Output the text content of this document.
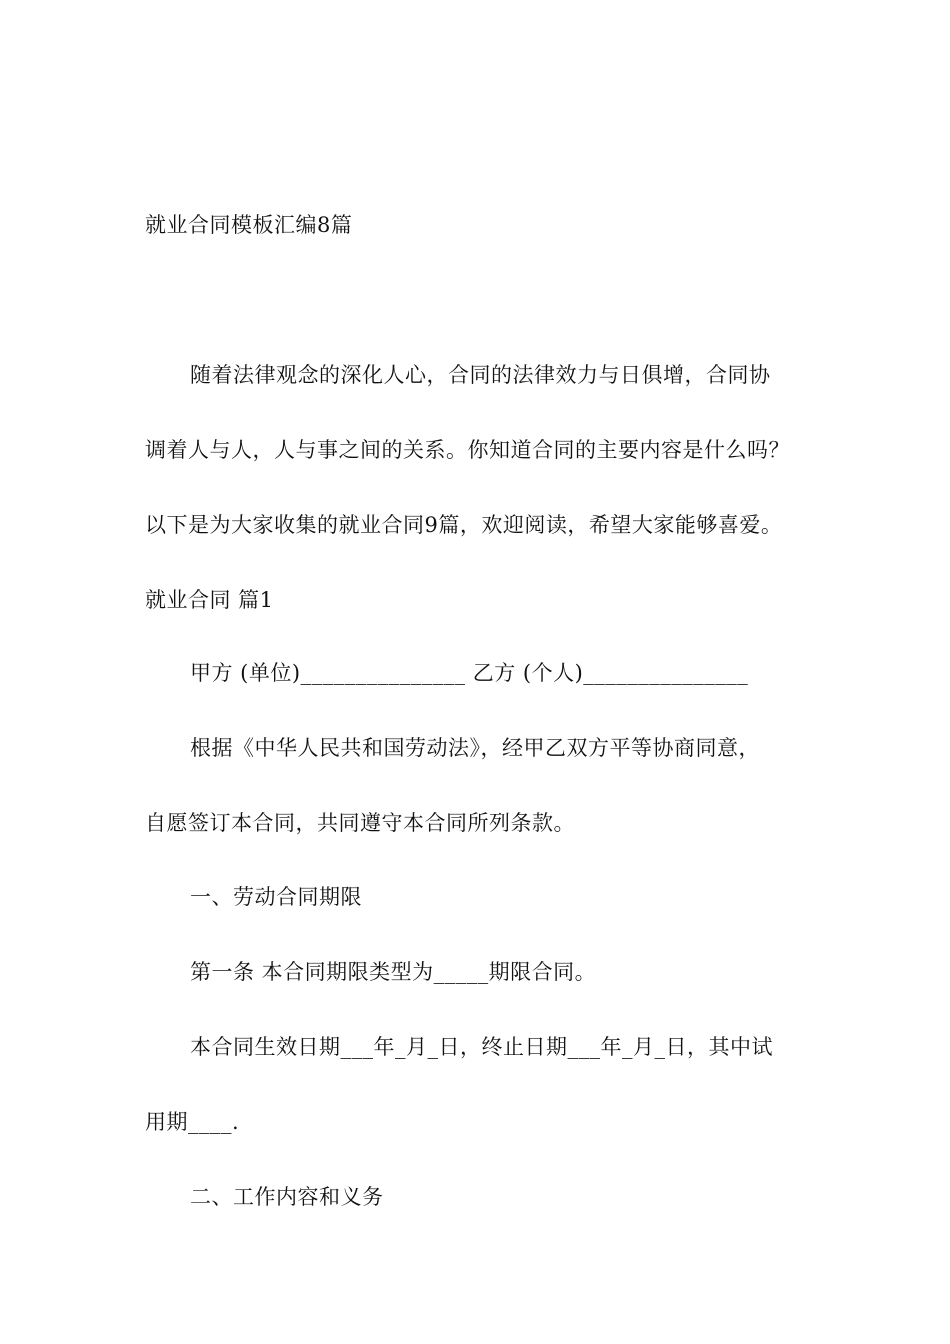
就业合同模板汇编8篇
随着法律观念的深化人心，合同的法律效力与日俱增，合同协
调着人与人，人与事之间的关系。你知道合同的主要内容是什么吗？
以下是为大家收集的就业合同9篇，欢迎阅读，希望大家能够喜爱。
就业合同 篇1
甲方 (单位)_______________ 乙方 (个人)_______________
根据《中华人民共和国劳动法》，经甲乙双方平等协商同意，
自愿签订本合同，共同遵守本合同所列条款。
一、劳动合同期限
第一条 本合同期限类型为_____期限合同。
本合同生效日期___年_月_日，终止日期___年_月_日，其中试
用期____.
二、工作内容和义务
